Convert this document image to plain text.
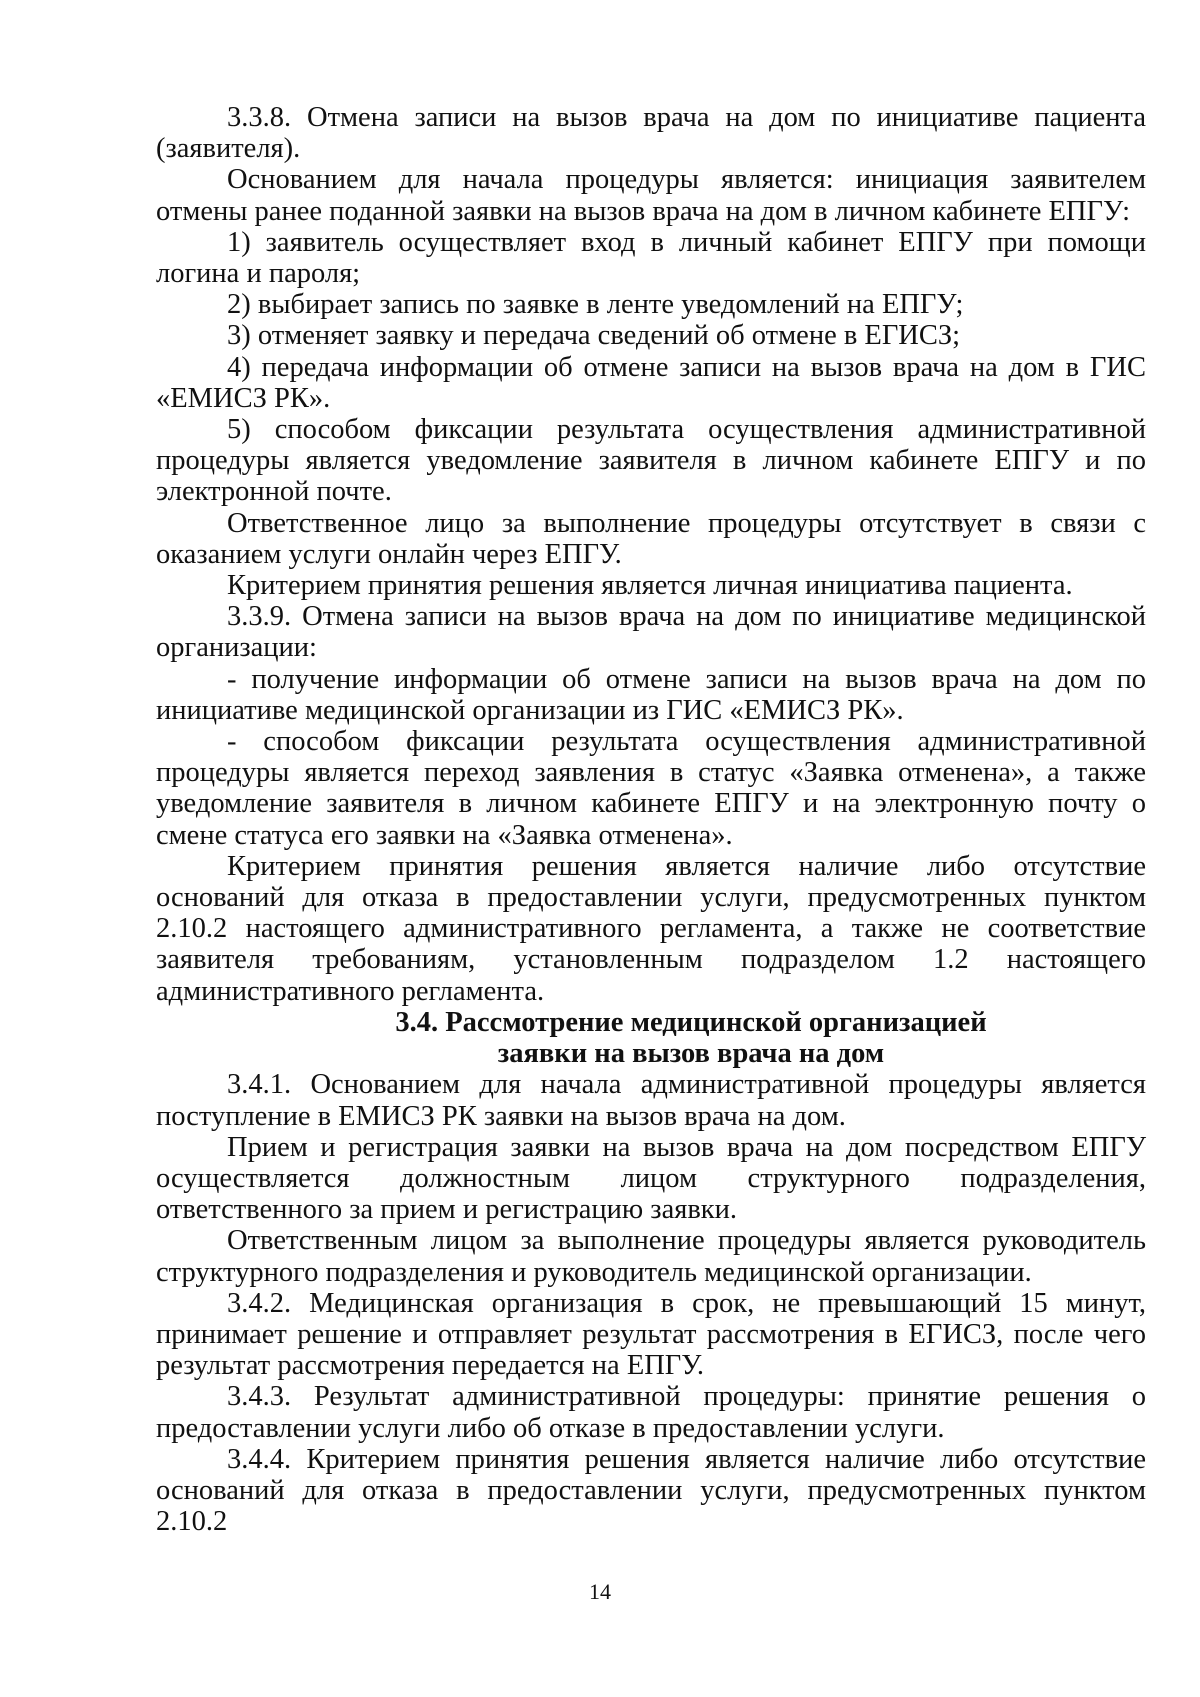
3.3.8. Отмена записи на вызов врача на дом по инициативе пациента (заявителя).

Основанием для начала процедуры является: инициация заявителем отмены ранее поданной заявки на вызов врача на дом в личном кабинете ЕПГУ:

1) заявитель осуществляет вход в личный кабинет ЕПГУ при помощи логина и пароля;

2) выбирает запись по заявке в ленте уведомлений на ЕПГУ;

3) отменяет заявку и передача сведений об отмене в ЕГИСЗ;

4) передача информации об отмене записи на вызов врача на дом в ГИС «ЕМИСЗ РК».

5) способом фиксации результата осуществления административной процедуры является уведомление заявителя в личном кабинете ЕПГУ и по электронной почте.

Ответственное лицо за выполнение процедуры отсутствует в связи с оказанием услуги онлайн через ЕПГУ.

Критерием принятия решения является личная инициатива пациента.

3.3.9. Отмена записи на вызов врача на дом по инициативе медицинской организации:

- получение информации об отмене записи на вызов врача на дом по инициативе медицинской организации из ГИС «ЕМИСЗ РК».

- способом фиксации результата осуществления административной процедуры является переход заявления в статус «Заявка отменена», а также уведомление заявителя в личном кабинете ЕПГУ и на электронную почту о смене статуса его заявки на «Заявка отменена».

Критерием принятия решения является наличие либо отсутствие оснований для отказа в предоставлении услуги, предусмотренных пунктом 2.10.2 настоящего административного регламента, а также не соответствие заявителя требованиям, установленным подразделом 1.2 настоящего административного регламента.

3.4. Рассмотрение медицинской организацией
заявки на вызов врача на дом

3.4.1. Основанием для начала административной процедуры является поступление в ЕМИСЗ РК заявки на вызов врача на дом.

Прием и регистрация заявки на вызов врача на дом посредством ЕПГУ осуществляется должностным лицом структурного подразделения, ответственного за прием и регистрацию заявки.

Ответственным лицом за выполнение процедуры является руководитель структурного подразделения и руководитель медицинской организации.

3.4.2. Медицинская организация в срок, не превышающий 15 минут, принимает решение и отправляет результат рассмотрения в ЕГИСЗ, после чего результат рассмотрения передается на ЕПГУ.

3.4.3. Результат административной процедуры: принятие решения о предоставлении услуги либо об отказе в предоставлении услуги.

3.4.4. Критерием принятия решения является наличие либо отсутствие оснований для отказа в предоставлении услуги, предусмотренных пунктом 2.10.2

14
